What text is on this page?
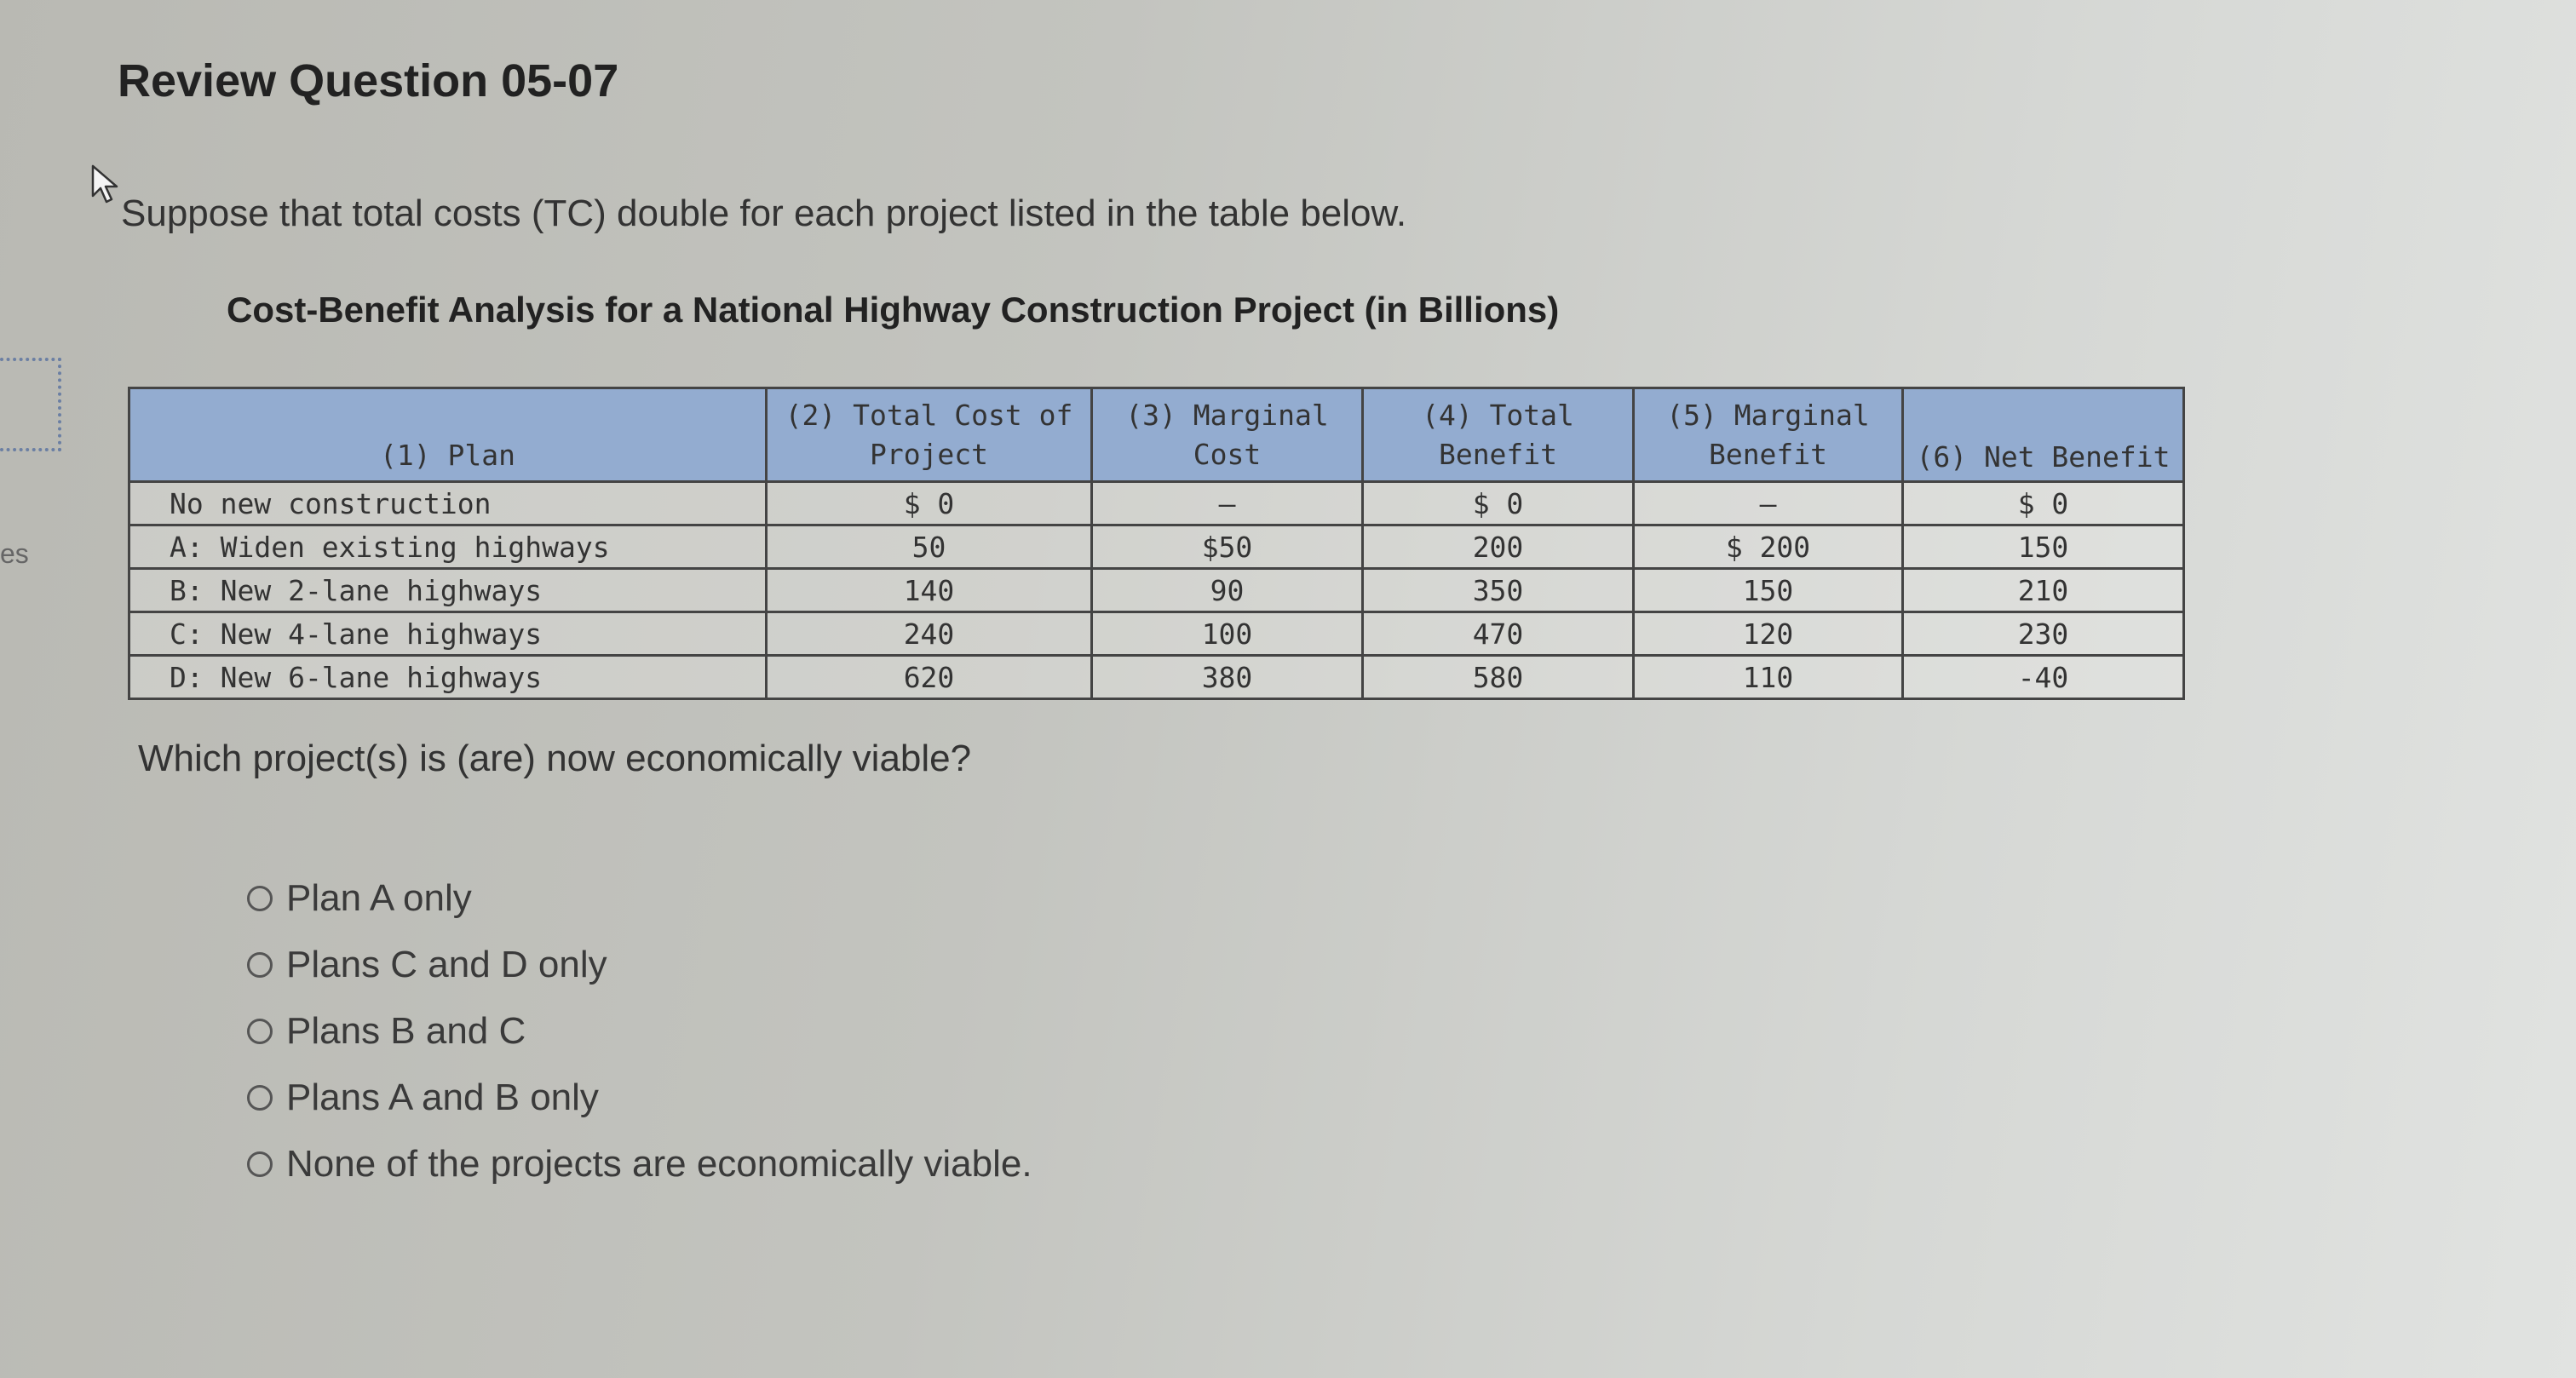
es
Review Question 05-07
Suppose that total costs (TC) double for each project listed in the table below.
Cost-Benefit Analysis for a National Highway Construction Project (in Billions)
(1) Plan	(2) Total Cost of Project	(3) Marginal Cost	(4) Total Benefit	(5) Marginal Benefit	(6) Net Benefit
No new construction	$ 0	—	$ 0	—	$ 0
A: Widen existing highways	50	$50	200	$ 200	150
B: New 2-lane highways	140	90	350	150	210
C: New 4-lane highways	240	100	470	120	230
D: New 6-lane highways	620	380	580	110	-40
Which project(s) is (are) now economically viable?
Plan A only
Plans C and D only
Plans B and C
Plans A and B only
None of the projects are economically viable.
